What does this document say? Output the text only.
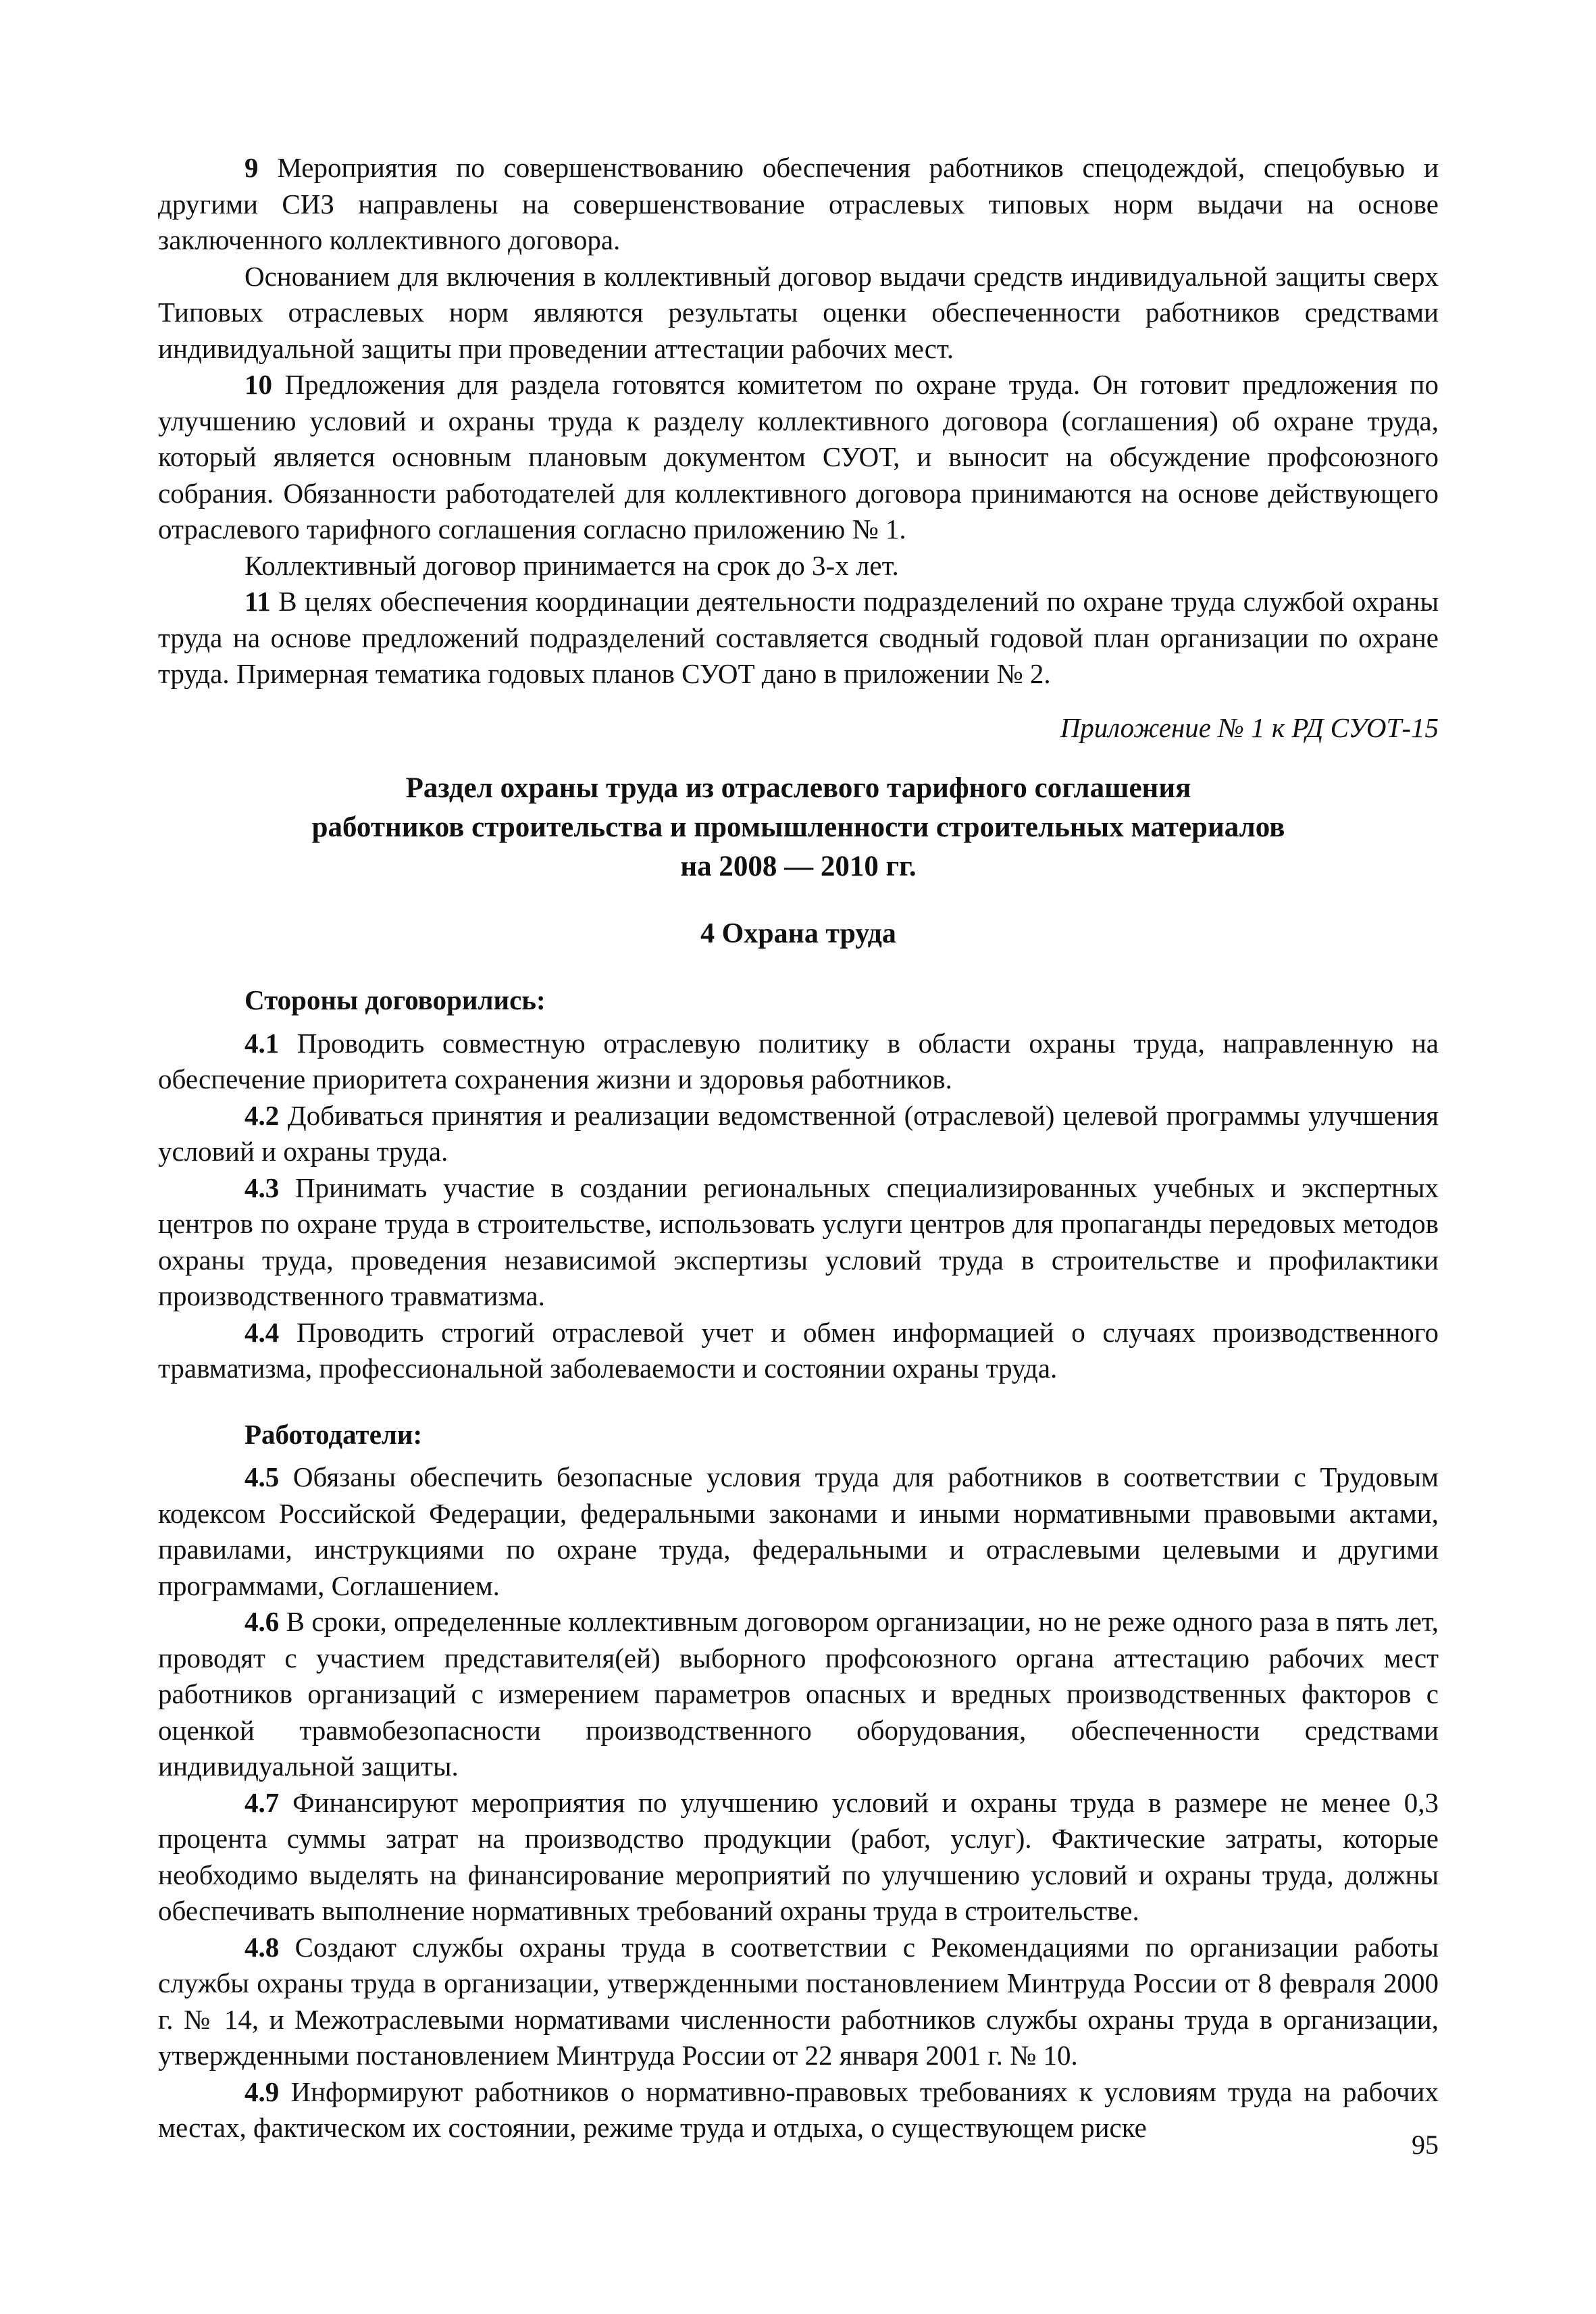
9 Мероприятия по совершенствованию обеспечения работников спецодеждой, спецобувью и другими СИЗ направлены на совершенствование отраслевых типовых норм выдачи на основе заключенного коллективного договора.

Основанием для включения в коллективный договор выдачи средств индивидуальной защиты сверх Типовых отраслевых норм являются результаты оценки обеспеченности работников средствами индивидуальной защиты при проведении аттестации рабочих мест.

10 Предложения для раздела готовятся комитетом по охране труда. Он готовит предложения по улучшению условий и охраны труда к разделу коллективного договора (соглашения) об охране труда, который является основным плановым документом СУОТ, и выносит на обсуждение профсоюзного собрания. Обязанности работодателей для коллективного договора принимаются на основе действующего отраслевого тарифного соглашения согласно приложению № 1.

Коллективный договор принимается на срок до 3-х лет.

11 В целях обеспечения координации деятельности подразделений по охране труда службой охраны труда на основе предложений подразделений составляется сводный годовой план организации по охране труда. Примерная тематика годовых планов СУОТ дано в приложении № 2.

Приложение № 1 к РД СУОТ-15

Раздел охраны труда из отраслевого тарифного соглашения
работников строительства и промышленности строительных материалов
на 2008 — 2010 гг.
4 Охрана труда

Стороны договорились:

4.1 Проводить совместную отраслевую политику в области охраны труда, направленную на обеспечение приоритета сохранения жизни и здоровья работников.

4.2 Добиваться принятия и реализации ведомственной (отраслевой) целевой программы улучшения условий и охраны труда.

4.3 Принимать участие в создании региональных специализированных учебных и экспертных центров по охране труда в строительстве, использовать услуги центров для пропаганды передовых методов охраны труда, проведения независимой экспертизы условий труда в строительстве и профилактики производственного травматизма.

4.4 Проводить строгий отраслевой учет и обмен информацией о случаях производственного травматизма, профессиональной заболеваемости и состоянии охраны труда.

Работодатели:

4.5 Обязаны обеспечить безопасные условия труда для работников в соответствии с Трудовым кодексом Российской Федерации, федеральными законами и иными нормативными правовыми актами, правилами, инструкциями по охране труда, федеральными и отраслевыми целевыми и другими программами, Соглашением.

4.6 В сроки, определенные коллективным договором организации, но не реже одного раза в пять лет, проводят с участием представителя(ей) выборного профсоюзного органа аттестацию рабочих мест работников организаций с измерением параметров опасных и вредных производственных факторов с оценкой травмобезопасности производственного оборудования, обеспеченности средствами индивидуальной защиты.

4.7 Финансируют мероприятия по улучшению условий и охраны труда в размере не менее 0,3 процента суммы затрат на производство продукции (работ, услуг). Фактические затраты, которые необходимо выделять на финансирование мероприятий по улучшению условий и охраны труда, должны обеспечивать выполнение нормативных требований охраны труда в строительстве.

4.8 Создают службы охраны труда в соответствии с Рекомендациями по организации работы службы охраны труда в организации, утвержденными постановлением Минтруда России от 8 февраля 2000 г. № 14, и Межотраслевыми нормативами численности работников службы охраны труда в организации, утвержденными постановлением Минтруда России от 22 января 2001 г. № 10.

4.9 Информируют работников о нормативно-правовых требованиях к условиям труда на рабочих местах, фактическом их состоянии, режиме труда и отдыха, о существующем риске

95
